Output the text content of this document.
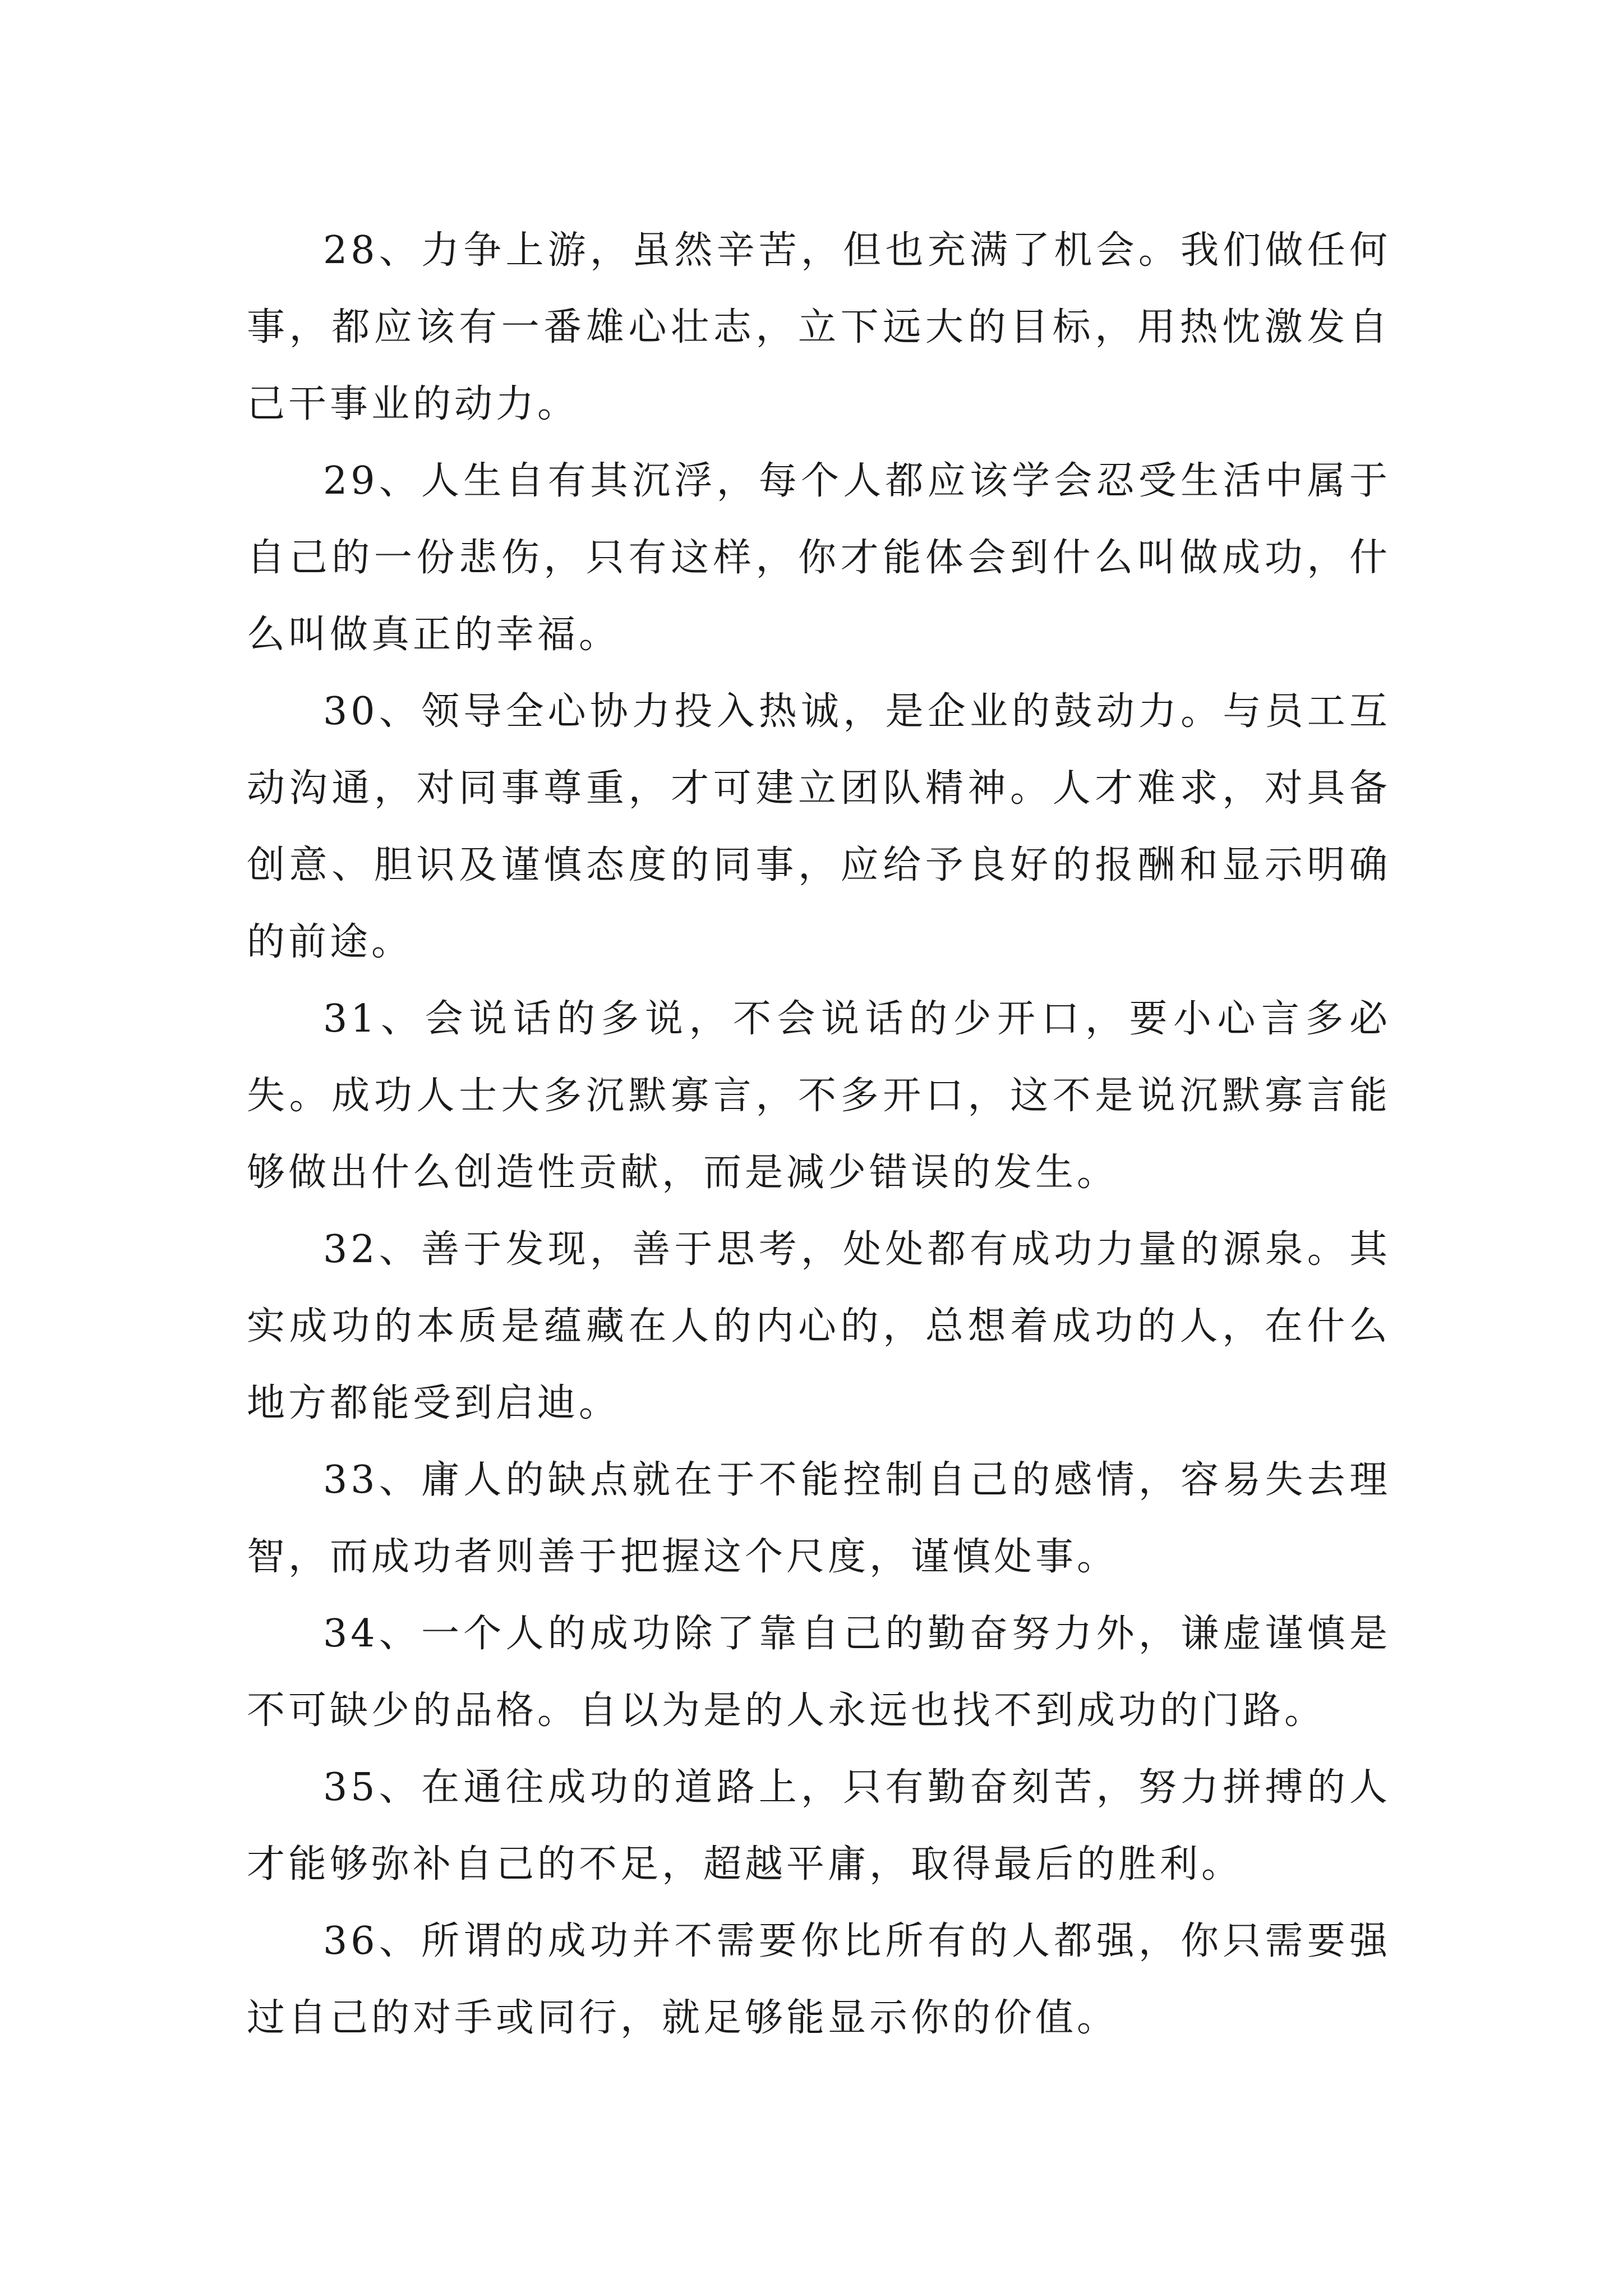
28、力争上游，虽然辛苦，但也充满了机会。我们做任何事，都应该有一番雄心壮志，立下远大的目标，用热忱激发自己干事业的动力。

29、人生自有其沉浮，每个人都应该学会忍受生活中属于自己的一份悲伤，只有这样，你才能体会到什么叫做成功，什么叫做真正的幸福。

30、领导全心协力投入热诚，是企业的鼓动力。与员工互动沟通，对同事尊重，才可建立团队精神。人才难求，对具备创意、胆识及谨慎态度的同事，应给予良好的报酬和显示明确的前途。

31、会说话的多说，不会说话的少开口，要小心言多必失。成功人士大多沉默寡言，不多开口，这不是说沉默寡言能够做出什么创造性贡献，而是减少错误的发生。

32、善于发现，善于思考，处处都有成功力量的源泉。其实成功的本质是蕴藏在人的内心的，总想着成功的人，在什么地方都能受到启迪。

33、庸人的缺点就在于不能控制自己的感情，容易失去理智，而成功者则善于把握这个尺度，谨慎处事。

34、一个人的成功除了靠自己的勤奋努力外，谦虚谨慎是不可缺少的品格。自以为是的人永远也找不到成功的门路。

35、在通往成功的道路上，只有勤奋刻苦，努力拼搏的人才能够弥补自己的不足，超越平庸，取得最后的胜利。

36、所谓的成功并不需要你比所有的人都强，你只需要强过自己的对手或同行，就足够能显示你的价值。
